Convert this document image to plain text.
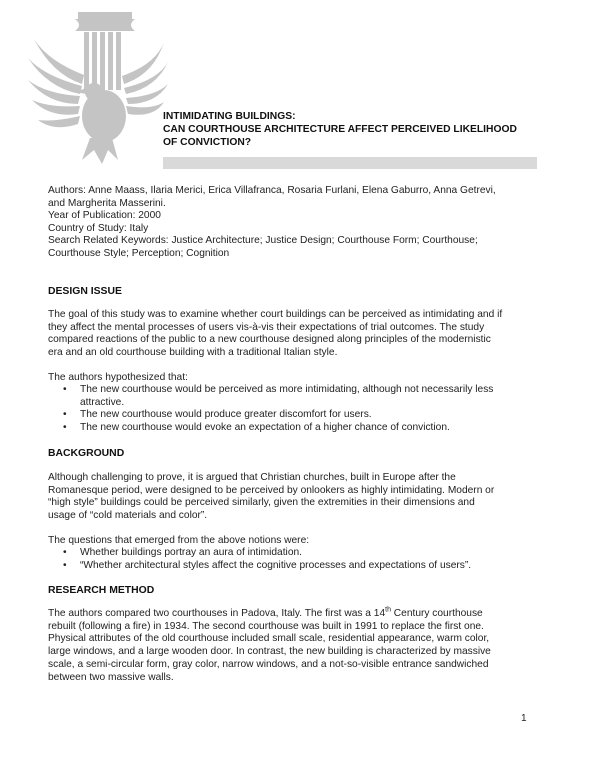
INTIMIDATING BUILDINGS:
CAN COURTHOUSE ARCHITECTURE AFFECT PERCEIVED LIKELIHOOD
OF CONVICTION?
Authors: Anne Maass, Ilaria Merici, Erica Villafranca, Rosaria Furlani, Elena Gaburro, Anna Getrevi,
and Margherita Masserini.
Year of Publication: 2000
Country of Study: Italy
Search Related Keywords: Justice Architecture; Justice Design; Courthouse Form; Courthouse;
Courthouse Style; Perception; Cognition
DESIGN ISSUE
The goal of this study was to examine whether court buildings can be perceived as intimidating and if
they affect the mental processes of users vis-à-vis their expectations of trial outcomes. The study
compared reactions of the public to a new courthouse designed along principles of the modernistic
era and an old courthouse building with a traditional Italian style.
The authors hypothesized that:
• The new courthouse would be perceived as more intimidating, although not necessarily less
attractive.
• The new courthouse would produce greater discomfort for users.
• The new courthouse would evoke an expectation of a higher chance of conviction.
BACKGROUND
Although challenging to prove, it is argued that Christian churches, built in Europe after the
Romanesque period, were designed to be perceived by onlookers as highly intimidating. Modern or
“high style” buildings could be perceived similarly, given the extremities in their dimensions and
usage of “cold materials and color”.
The questions that emerged from the above notions were:
• Whether buildings portray an aura of intimidation.
• “Whether architectural styles affect the cognitive processes and expectations of users”.
RESEARCH METHOD
The authors compared two courthouses in Padova, Italy. The first was a 14th Century courthouse
rebuilt (following a fire) in 1934. The second courthouse was built in 1991 to replace the first one.
Physical attributes of the old courthouse included small scale, residential appearance, warm color,
large windows, and a large wooden door. In contrast, the new building is characterized by massive
scale, a semi-circular form, gray color, narrow windows, and a not-so-visible entrance sandwiched
between two massive walls.
1
